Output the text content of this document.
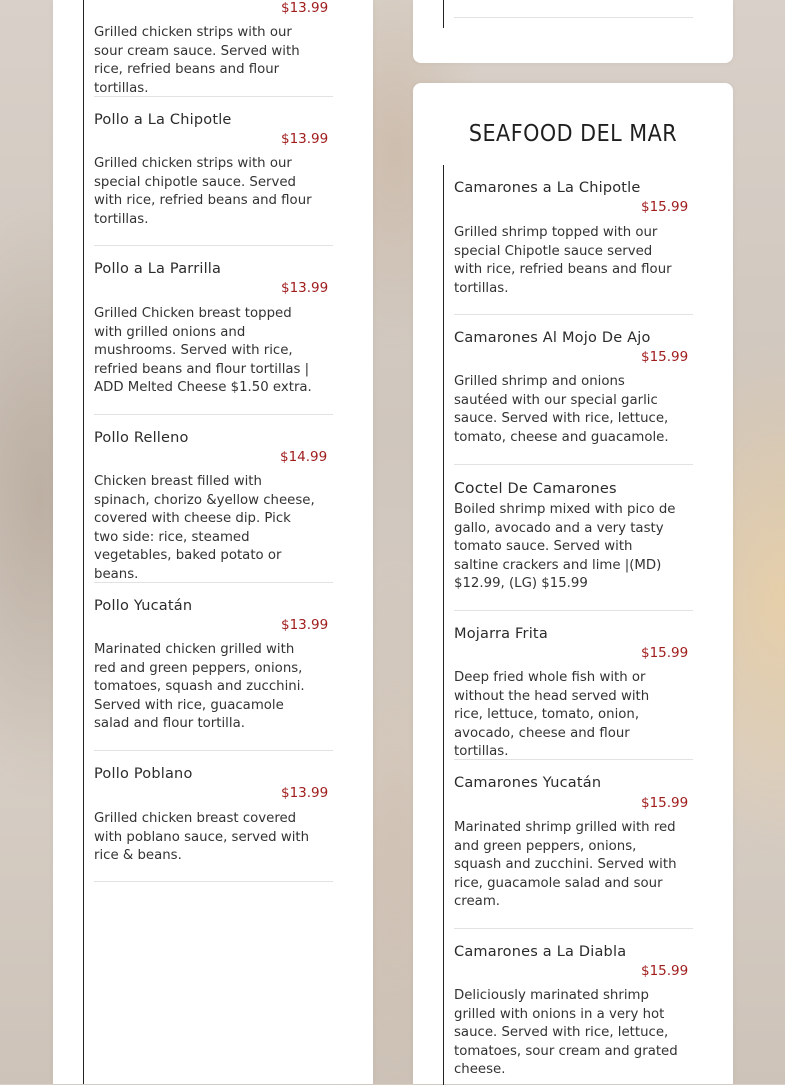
$13.99
Grilled chicken strips with our sour cream sauce. Served with rice, refried beans and flour tortillas.
Pollo a La Chipotle
$13.99
Grilled chicken strips with our special chipotle sauce. Served with rice, refried beans and flour tortillas.
Pollo a La Parrilla
$13.99
Grilled Chicken breast topped with grilled onions and mushrooms. Served with rice, refried beans and flour tortillas | ADD Melted Cheese $1.50 extra.
Pollo Relleno
$14.99
Chicken breast filled with spinach, chorizo &yellow cheese, covered with cheese dip. Pick two side: rice, steamed vegetables, baked potato or beans.
Pollo Yucatán
$13.99
Marinated chicken grilled with red and green peppers, onions, tomatoes, squash and zucchini. Served with rice, guacamole salad and flour tortilla.
Pollo Poblano
$13.99
Grilled chicken breast covered with poblano sauce, served with rice & beans.
SEAFOOD DEL MAR
Camarones a La Chipotle
$15.99
Grilled shrimp topped with our special Chipotle sauce served with rice, refried beans and flour tortillas.
Camarones Al Mojo De Ajo
$15.99
Grilled shrimp and onions sautéed with our special garlic sauce. Served with rice, lettuce, tomato, cheese and guacamole.
Coctel De Camarones
Boiled shrimp mixed with pico de gallo, avocado and a very tasty tomato sauce. Served with saltine crackers and lime |(MD) $12.99, (LG) $15.99
Mojarra Frita
$15.99
Deep fried whole fish with or without the head served with rice, lettuce, tomato, onion, avocado, cheese and flour tortillas.
Camarones Yucatán
$15.99
Marinated shrimp grilled with red and green peppers, onions, squash and zucchini. Served with rice, guacamole salad and sour cream.
Camarones a La Diabla
$15.99
Deliciously marinated shrimp grilled with onions in a very hot sauce. Served with rice, lettuce, tomatoes, sour cream and grated cheese.
